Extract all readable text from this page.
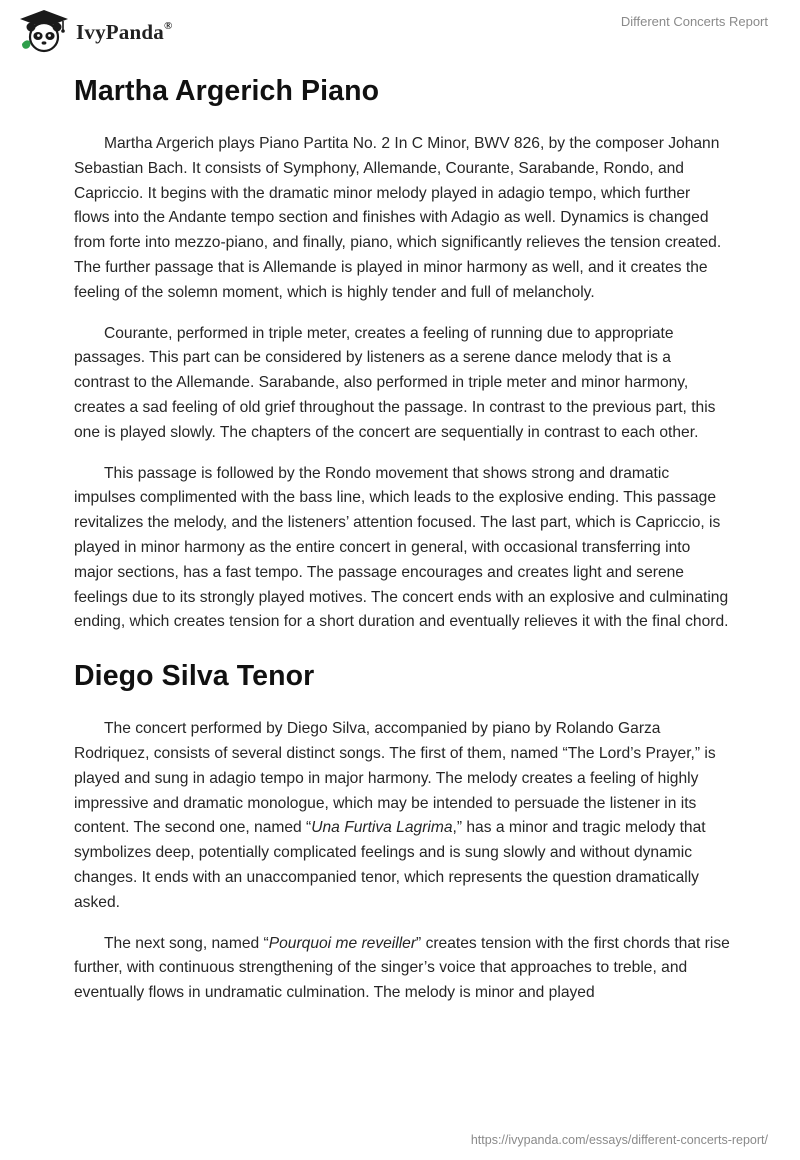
IvyPanda®	Different Concerts Report
Martha Argerich Piano

Martha Argerich plays Piano Partita No. 2 In C Minor, BWV 826, by the composer Johann Sebastian Bach. It consists of Symphony, Allemande, Courante, Sarabande, Rondo, and Capriccio. It begins with the dramatic minor melody played in adagio tempo, which further flows into the Andante tempo section and finishes with Adagio as well. Dynamics is changed from forte into mezzo-piano, and finally, piano, which significantly relieves the tension created. The further passage that is Allemande is played in minor harmony as well, and it creates the feeling of the solemn moment, which is highly tender and full of melancholy.

Courante, performed in triple meter, creates a feeling of running due to appropriate passages. This part can be considered by listeners as a serene dance melody that is a contrast to the Allemande. Sarabande, also performed in triple meter and minor harmony, creates a sad feeling of old grief throughout the passage. In contrast to the previous part, this one is played slowly. The chapters of the concert are sequentially in contrast to each other.

This passage is followed by the Rondo movement that shows strong and dramatic impulses complimented with the bass line, which leads to the explosive ending. This passage revitalizes the melody, and the listeners’ attention focused. The last part, which is Capriccio, is played in minor harmony as the entire concert in general, with occasional transferring into major sections, has a fast tempo. The passage encourages and creates light and serene feelings due to its strongly played motives. The concert ends with an explosive and culminating ending, which creates tension for a short duration and eventually relieves it with the final chord.

Diego Silva Tenor

The concert performed by Diego Silva, accompanied by piano by Rolando Garza Rodriquez, consists of several distinct songs. The first of them, named “The Lord’s Prayer,” is played and sung in adagio tempo in major harmony. The melody creates a feeling of highly impressive and dramatic monologue, which may be intended to persuade the listener in its content. The second one, named “Una Furtiva Lagrima,” has a minor and tragic melody that symbolizes deep, potentially complicated feelings and is sung slowly and without dynamic changes. It ends with an unaccompanied tenor, which represents the question dramatically asked.

The next song, named “Pourquoi me reveiller” creates tension with the first chords that rise further, with continuous strengthening of the singer’s voice that approaches to treble, and eventually flows in undramatic culmination. The melody is minor and played

https://ivypanda.com/essays/different-concerts-report/
